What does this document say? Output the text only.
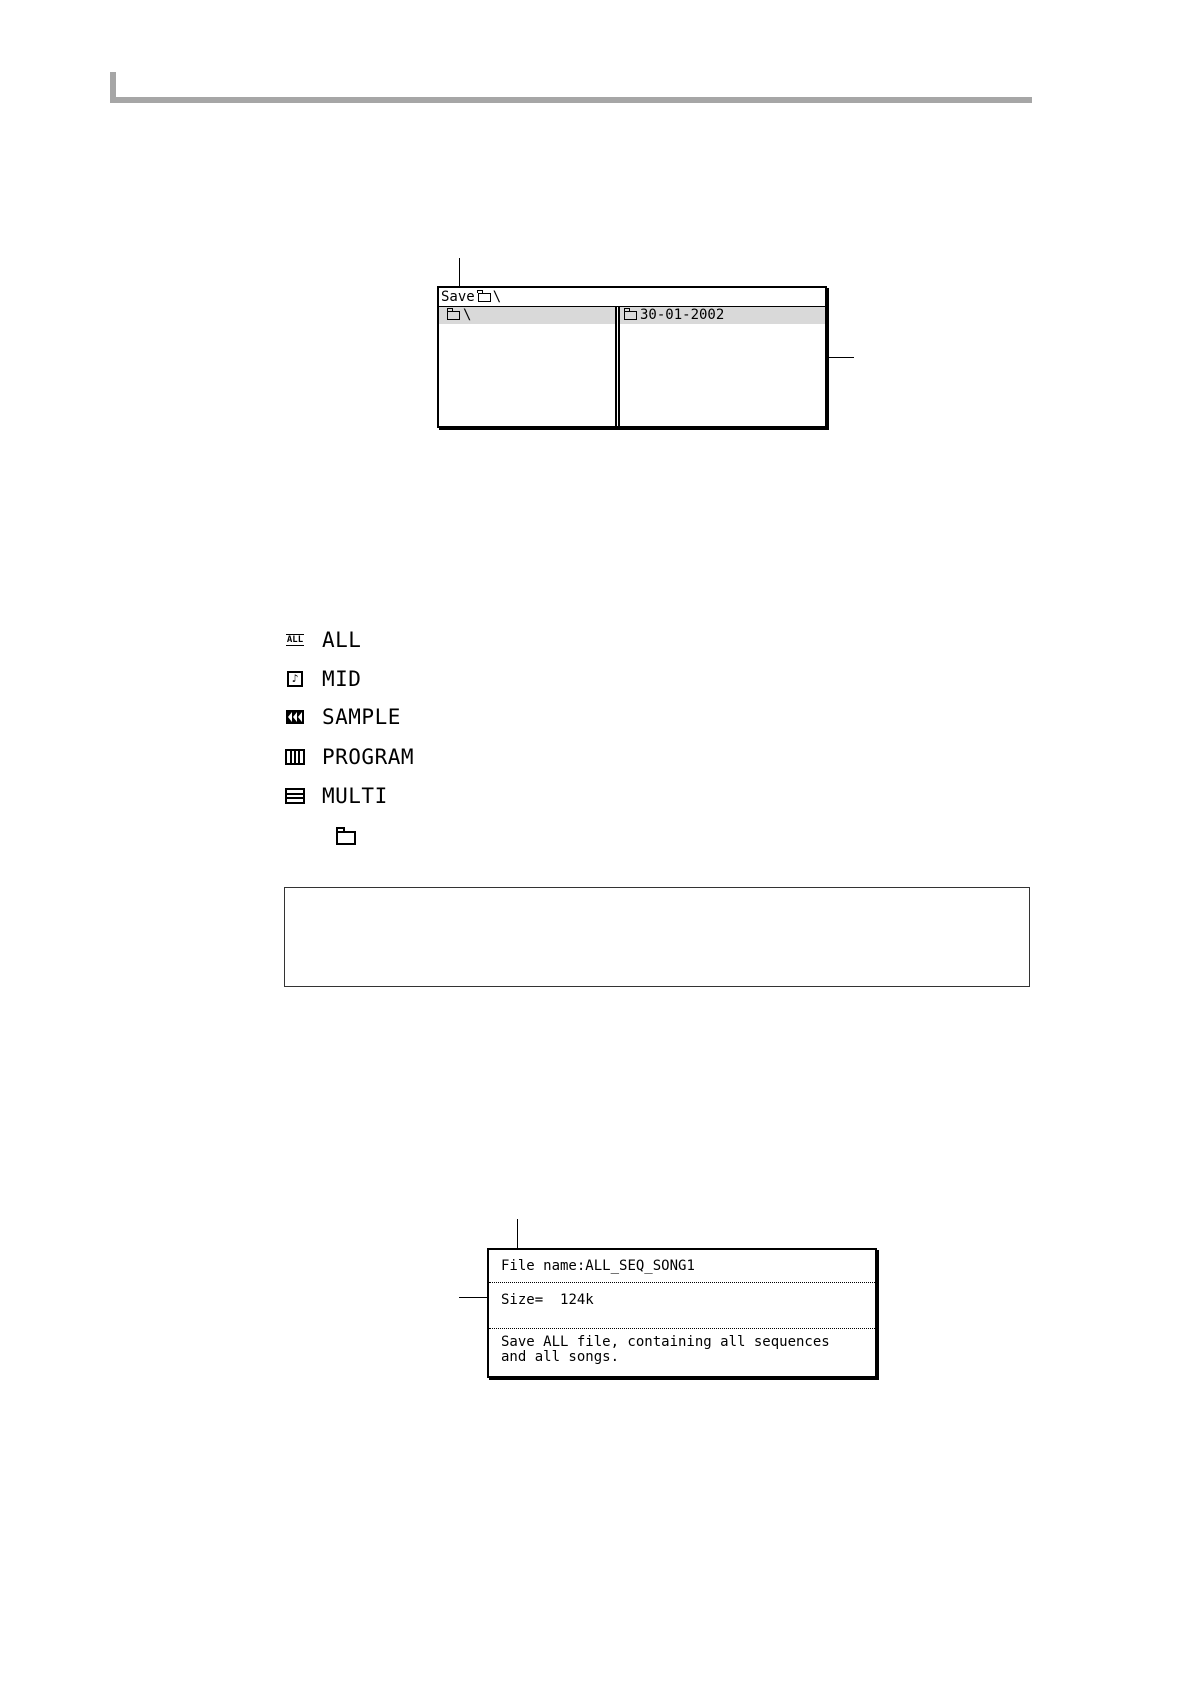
Save \
\	30-01-2002
ALL ALL
♪ MID
SAMPLE
PROGRAM
MULTI
File name:ALL_SEQ_SONG1
Size= 124k
Save ALL file, containing all sequences
and all songs.
